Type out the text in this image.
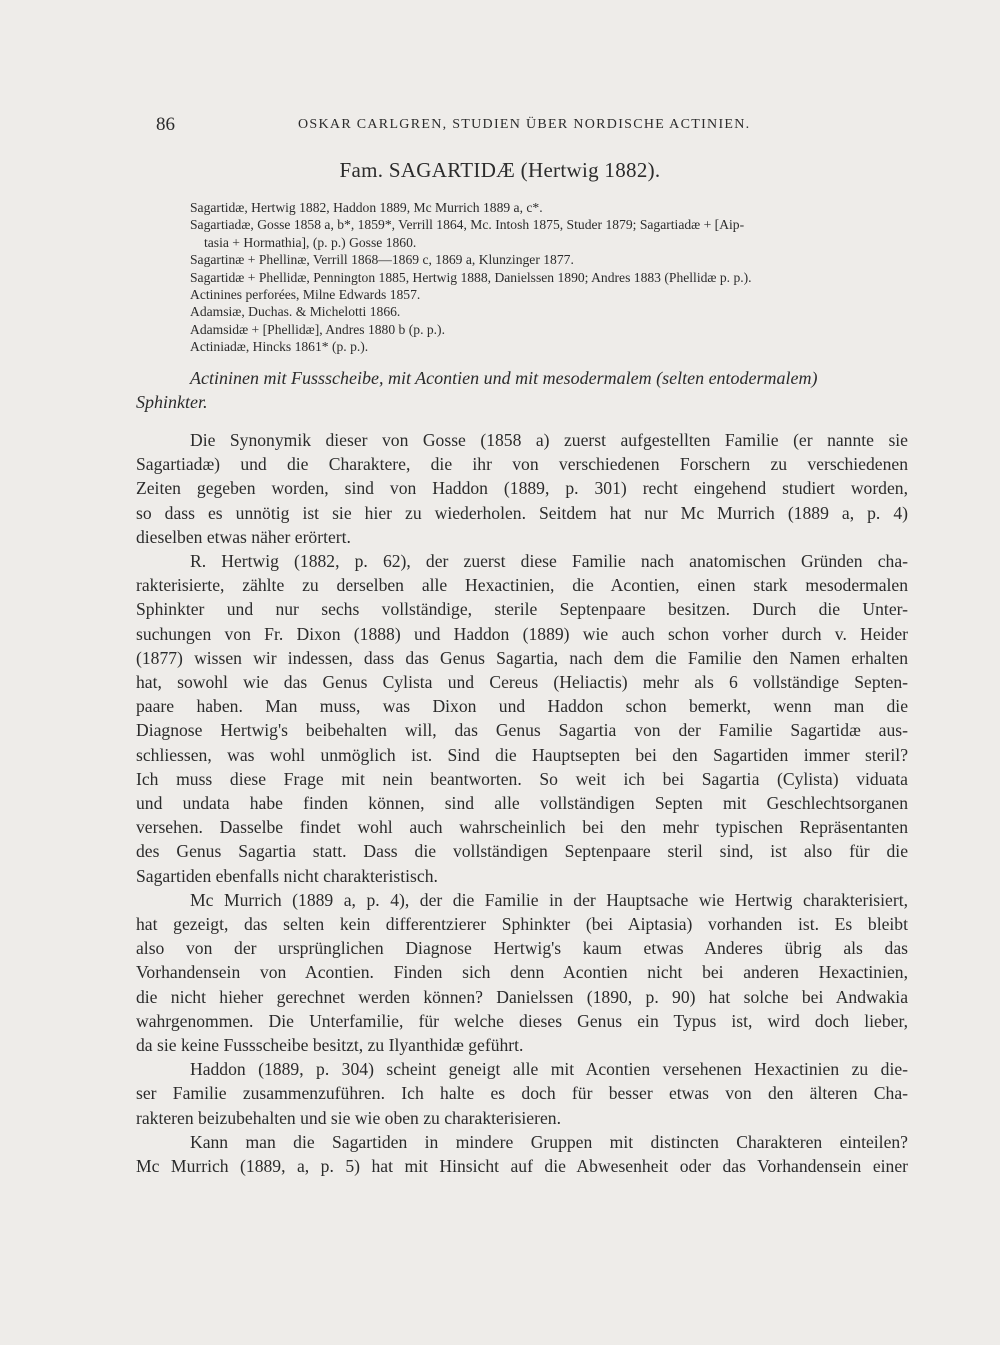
86	OSKAR CARLGREN, STUDIEN ÜBER NORDISCHE ACTINIEN.
Fam. SAGARTIDÆ (Hertwig 1882).
Sagartidæ, Hertwig 1882, Haddon 1889, Mc Murrich 1889 a, c*.
Sagartiadæ, Gosse 1858 a, b*, 1859*, Verrill 1864, Mc. Intosh 1875, Studer 1879; Sagartiadæ + [Aip-
tasia + Hormathia], (p. p.) Gosse 1860.
Sagartinæ + Phellinæ, Verrill 1868—1869 c, 1869 a, Klunzinger 1877.
Sagartidæ + Phellidæ, Pennington 1885, Hertwig 1888, Danielssen 1890; Andres 1883 (Phellidæ p. p.).
Actinines perforées, Milne Edwards 1857.
Adamsiæ, Duchas. & Michelotti 1866.
Adamsidæ + [Phellidæ], Andres 1880 b (p. p.).
Actiniadæ, Hincks 1861* (p. p.).
Actininen mit Fussscheibe, mit Acontien und mit mesodermalem (selten entodermalem)
Sphinkter.
Die Synonymik dieser von Gosse (1858 a) zuerst aufgestellten Familie (er nannte sie
Sagartiadæ) und die Charaktere, die ihr von verschiedenen Forschern zu verschiedenen
Zeiten gegeben worden, sind von Haddon (1889, p. 301) recht eingehend studiert worden,
so dass es unnötig ist sie hier zu wiederholen. Seitdem hat nur Mc Murrich (1889 a, p. 4)
dieselben etwas näher erörtert.
R. Hertwig (1882, p. 62), der zuerst diese Familie nach anatomischen Gründen cha-
rakterisierte, zählte zu derselben alle Hexactinien, die Acontien, einen stark mesodermalen
Sphinkter und nur sechs vollständige, sterile Septenpaare besitzen. Durch die Unter-
suchungen von Fr. Dixon (1888) und Haddon (1889) wie auch schon vorher durch v. Heider
(1877) wissen wir indessen, dass das Genus Sagartia, nach dem die Familie den Namen erhalten
hat, sowohl wie das Genus Cylista und Cereus (Heliactis) mehr als 6 vollständige Septen-
paare haben. Man muss, was Dixon und Haddon schon bemerkt, wenn man die
Diagnose Hertwig's beibehalten will, das Genus Sagartia von der Familie Sagartidæ aus-
schliessen, was wohl unmöglich ist. Sind die Hauptsepten bei den Sagartiden immer steril?
Ich muss diese Frage mit nein beantworten. So weit ich bei Sagartia (Cylista) viduata
und undata habe finden können, sind alle vollständigen Septen mit Geschlechtsorganen
versehen. Dasselbe findet wohl auch wahrscheinlich bei den mehr typischen Repräsentanten
des Genus Sagartia statt. Dass die vollständigen Septenpaare steril sind, ist also für die
Sagartiden ebenfalls nicht charakteristisch.
Mc Murrich (1889 a, p. 4), der die Familie in der Hauptsache wie Hertwig charakterisiert,
hat gezeigt, das selten kein differentzierer Sphinkter (bei Aiptasia) vorhanden ist. Es bleibt
also von der ursprünglichen Diagnose Hertwig's kaum etwas Anderes übrig als das
Vorhandensein von Acontien. Finden sich denn Acontien nicht bei anderen Hexactinien,
die nicht hieher gerechnet werden können? Danielssen (1890, p. 90) hat solche bei Andwakia
wahrgenommen. Die Unterfamilie, für welche dieses Genus ein Typus ist, wird doch lieber,
da sie keine Fussscheibe besitzt, zu Ilyanthidæ geführt.
Haddon (1889, p. 304) scheint geneigt alle mit Acontien versehenen Hexactinien zu die-
ser Familie zusammenzuführen. Ich halte es doch für besser etwas von den älteren Cha-
rakteren beizubehalten und sie wie oben zu charakterisieren.
Kann man die Sagartiden in mindere Gruppen mit distincten Charakteren einteilen?
Mc Murrich (1889, a, p. 5) hat mit Hinsicht auf die Abwesenheit oder das Vorhandensein einer
